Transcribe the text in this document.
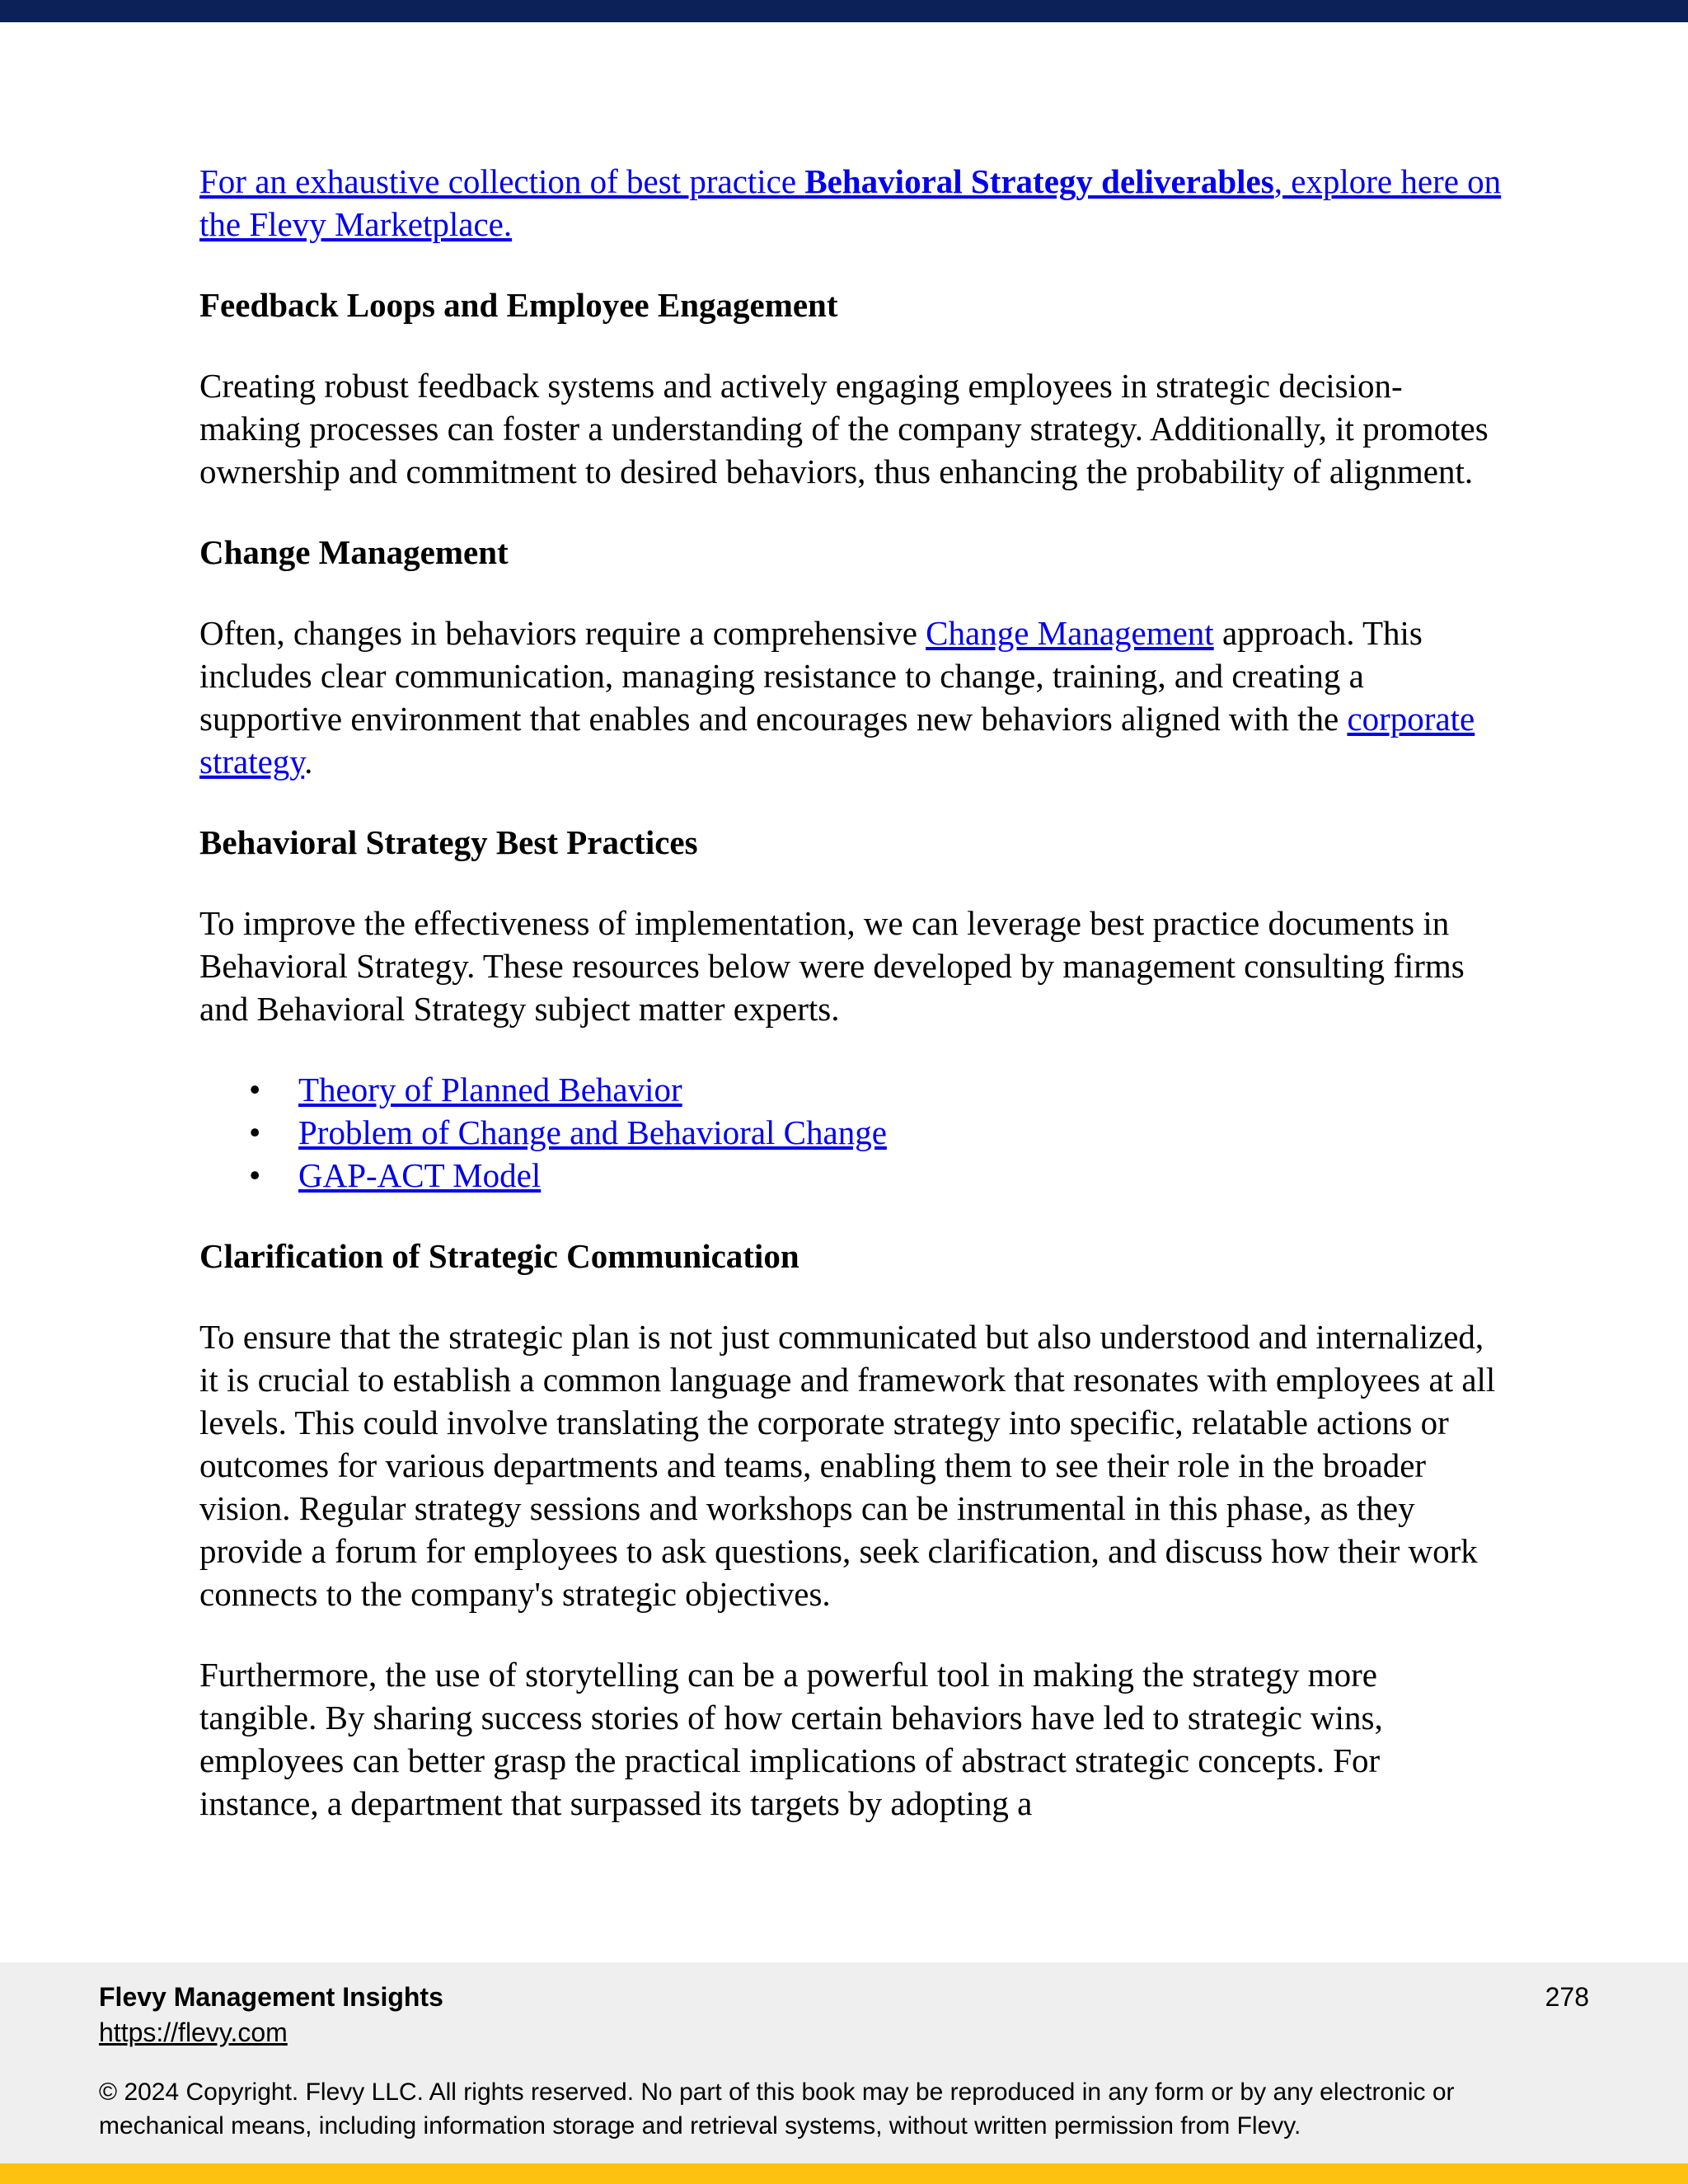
For an exhaustive collection of best practice Behavioral Strategy deliverables, explore here on the Flevy Marketplace.

Feedback Loops and Employee Engagement

Creating robust feedback systems and actively engaging employees in strategic decision-making processes can foster a understanding of the company strategy. Additionally, it promotes ownership and commitment to desired behaviors, thus enhancing the probability of alignment.

Change Management

Often, changes in behaviors require a comprehensive Change Management approach. This includes clear communication, managing resistance to change, training, and creating a supportive environment that enables and encourages new behaviors aligned with the corporate strategy.

Behavioral Strategy Best Practices

To improve the effectiveness of implementation, we can leverage best practice documents in Behavioral Strategy. These resources below were developed by management consulting firms and Behavioral Strategy subject matter experts.

• Theory of Planned Behavior
• Problem of Change and Behavioral Change
• GAP-ACT Model
Clarification of Strategic Communication

To ensure that the strategic plan is not just communicated but also understood and internalized, it is crucial to establish a common language and framework that resonates with employees at all levels. This could involve translating the corporate strategy into specific, relatable actions or outcomes for various departments and teams, enabling them to see their role in the broader vision. Regular strategy sessions and workshops can be instrumental in this phase, as they provide a forum for employees to ask questions, seek clarification, and discuss how their work connects to the company's strategic objectives.

Furthermore, the use of storytelling can be a powerful tool in making the strategy more tangible. By sharing success stories of how certain behaviors have led to strategic wins, employees can better grasp the practical implications of abstract strategic concepts. For instance, a department that surpassed its targets by adopting a

Flevy Management Insights
https://flevy.com
278
© 2024 Copyright. Flevy LLC. All rights reserved. No part of this book may be reproduced in any form or by any electronic or mechanical means, including information storage and retrieval systems, without written permission from Flevy.
